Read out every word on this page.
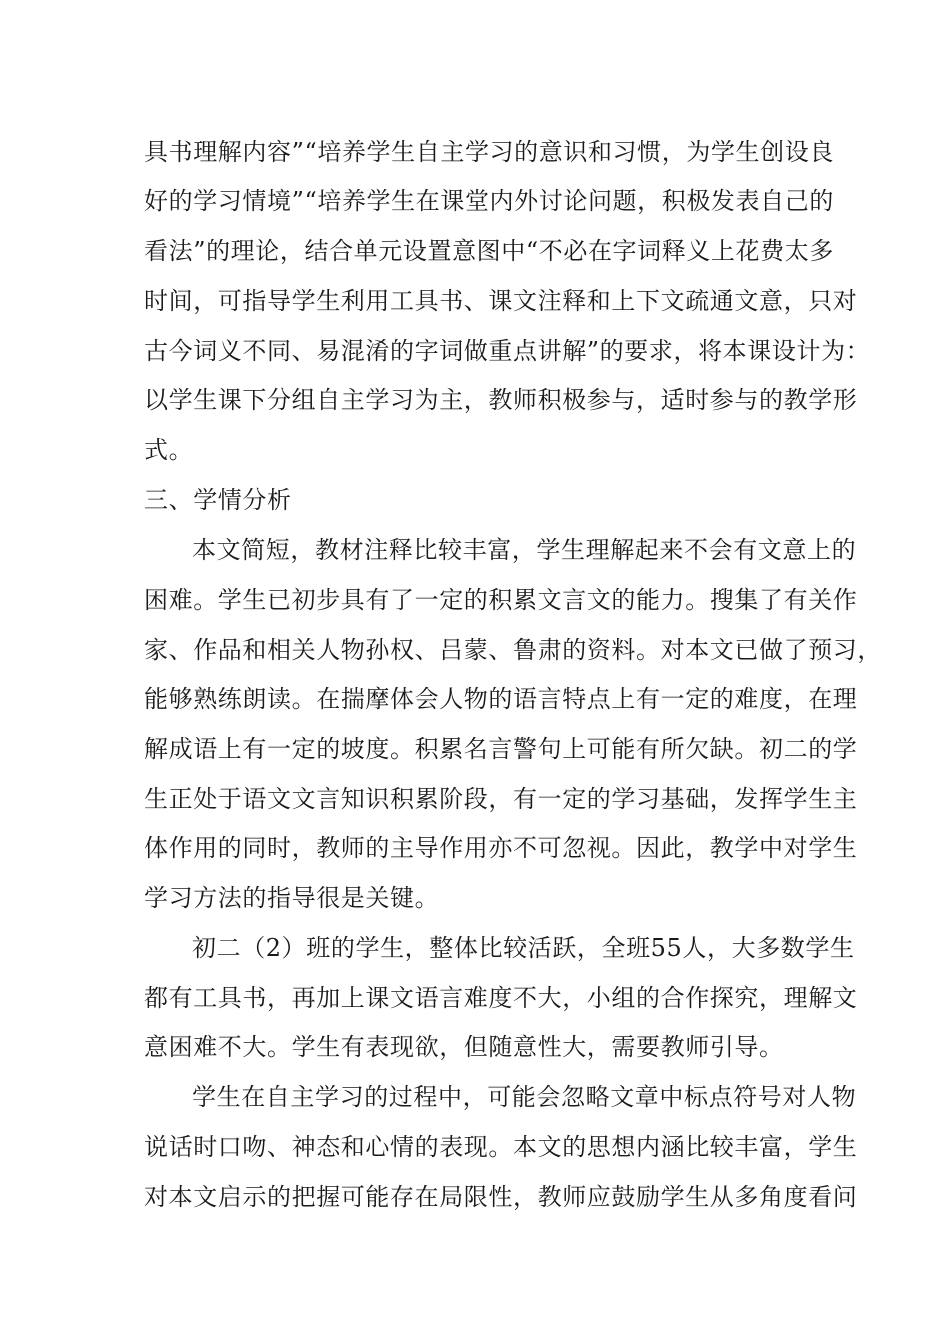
具书理解内容”“培养学生自主学习的意识和习惯，为学生创设良
好的学习情境”“培养学生在课堂内外讨论问题，积极发表自己的
看法”的理论，结合单元设置意图中“不必在字词释义上花费太多
时间，可指导学生利用工具书、课文注释和上下文疏通文意，只对
古今词义不同、易混淆的字词做重点讲解”的要求，将本课设计为：
以学生课下分组自主学习为主，教师积极参与，适时参与的教学形
式。
三、学情分析
本文简短，教材注释比较丰富，学生理解起来不会有文意上的
困难。学生已初步具有了一定的积累文言文的能力。搜集了有关作
家、作品和相关人物孙权、吕蒙、鲁肃的资料。对本文已做了预习，
能够熟练朗读。在揣摩体会人物的语言特点上有一定的难度，在理
解成语上有一定的坡度。积累名言警句上可能有所欠缺。初二的学
生正处于语文文言知识积累阶段，有一定的学习基础，发挥学生主
体作用的同时，教师的主导作用亦不可忽视。因此，教学中对学生
学习方法的指导很是关键。
初二（2）班的学生，整体比较活跃，全班55人，大多数学生
都有工具书，再加上课文语言难度不大，小组的合作探究，理解文
意困难不大。学生有表现欲，但随意性大，需要教师引导。
学生在自主学习的过程中，可能会忽略文章中标点符号对人物
说话时口吻、神态和心情的表现。本文的思想内涵比较丰富，学生
对本文启示的把握可能存在局限性，教师应鼓励学生从多角度看问
